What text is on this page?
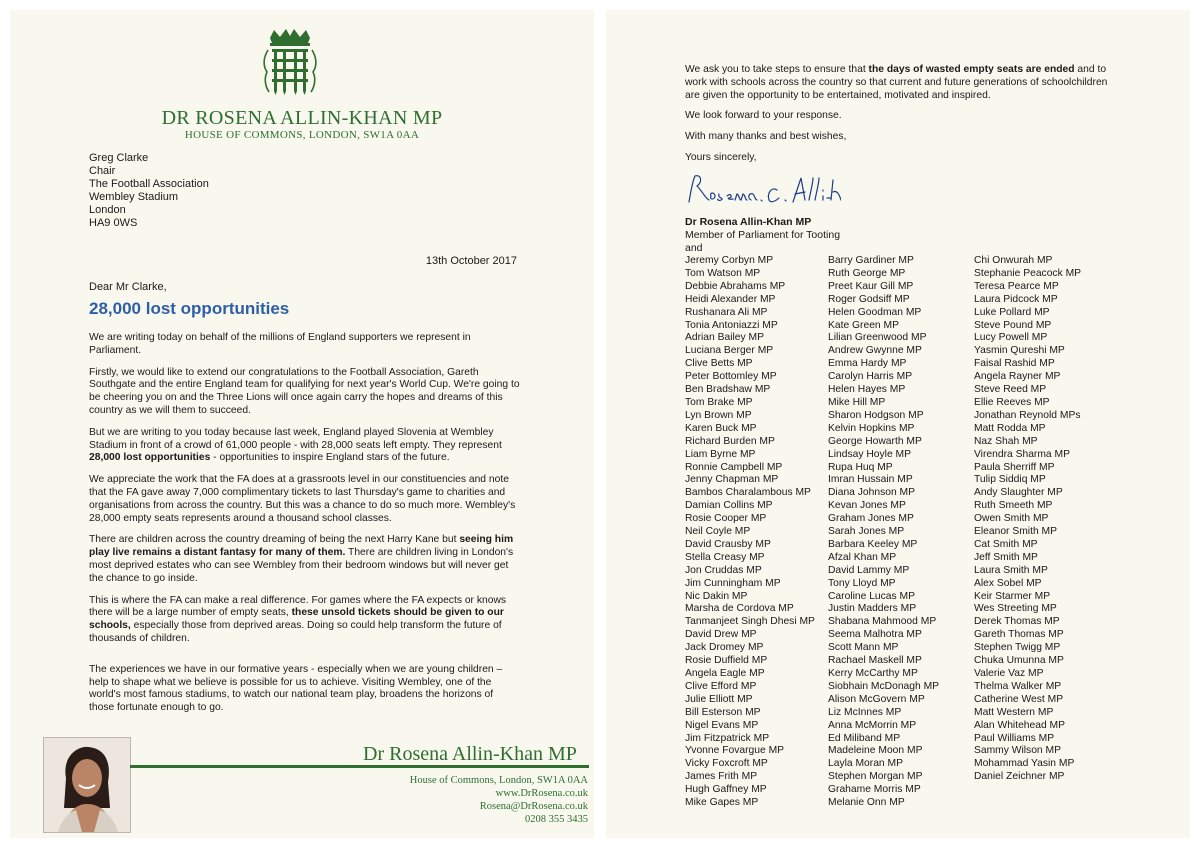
DR ROSENA ALLIN-KHAN MP
HOUSE OF COMMONS, LONDON, SW1A 0AA
Greg Clarke
Chair
The Football Association
Wembley Stadium
London
HA9 0WS
13th October 2017
Dear Mr Clarke,
28,000 lost opportunities

We are writing today on behalf of the millions of England supporters we represent in Parliament.

Firstly, we would like to extend our congratulations to the Football Association, Gareth Southgate and the entire England team for qualifying for next year's World Cup. We're going to be cheering you on and the Three Lions will once again carry the hopes and dreams of this country as we will them to succeed.

But we are writing to you today because last week, England played Slovenia at Wembley Stadium in front of a crowd of 61,000 people - with 28,000 seats left empty. They represent 28,000 lost opportunities - opportunities to inspire England stars of the future.

We appreciate the work that the FA does at a grassroots level in our constituencies and note that the FA gave away 7,000 complimentary tickets to last Thursday's game to charities and organisations from across the country. But this was a chance to do so much more. Wembley's 28,000 empty seats represents around a thousand school classes.

There are children across the country dreaming of being the next Harry Kane but seeing him play live remains a distant fantasy for many of them. There are children living in London's most deprived estates who can see Wembley from their bedroom windows but will never get the chance to go inside.

This is where the FA can make a real difference. For games where the FA expects or knows there will be a large number of empty seats, these unsold tickets should be given to our schools, especially those from deprived areas. Doing so could help transform the future of thousands of children.

The experiences we have in our formative years - especially when we are young children – help to shape what we believe is possible for us to achieve. Visiting Wembley, one of the world's most famous stadiums, to watch our national team play, broadens the horizons of those fortunate enough to go.

Dr Rosena Allin-Khan MP
House of Commons, London, SW1A 0AA
www.DrRosena.co.uk
Rosena@DrRosena.co.uk
0208 355 3435

We ask you to take steps to ensure that the days of wasted empty seats are ended and to work with schools across the country so that current and future generations of schoolchildren are given the opportunity to be entertained, motivated and inspired.

We look forward to your response.

With many thanks and best wishes,

Yours sincerely,

Dr Rosena Allin-Khan MP
Member of Parliament for Tooting
and
Jeremy Corbyn MP
Tom Watson MP
Debbie Abrahams MP
Heidi Alexander MP
Rushanara Ali MP
Tonia Antoniazzi MP
Adrian Bailey MP
Luciana Berger MP
Clive Betts MP
Peter Bottomley MP
Ben Bradshaw MP
Tom Brake MP
Lyn Brown MP
Karen Buck MP
Richard Burden MP
Liam Byrne MP
Ronnie Campbell MP
Jenny Chapman MP
Bambos Charalambous MP
Damian Collins MP
Rosie Cooper MP
Neil Coyle MP
David Crausby MP
Stella Creasy MP
Jon Cruddas MP
Jim Cunningham MP
Nic Dakin MP
Marsha de Cordova MP
Tanmanjeet Singh Dhesi MP
David Drew MP
Jack Dromey MP
Rosie Duffield MP
Angela Eagle MP
Clive Efford MP
Julie Elliott MP
Bill Esterson MP
Nigel Evans MP
Jim Fitzpatrick MP
Yvonne Fovargue MP
Vicky Foxcroft MP
James Frith MP
Hugh Gaffney MP
Mike Gapes MP
Barry Gardiner MP
Ruth George MP
Preet Kaur Gill MP
Roger Godsiff MP
Helen Goodman MP
Kate Green MP
Lilian Greenwood MP
Andrew Gwynne MP
Emma Hardy MP
Carolyn Harris MP
Helen Hayes MP
Mike Hill MP
Sharon Hodgson MP
Kelvin Hopkins MP
George Howarth MP
Lindsay Hoyle MP
Rupa Huq MP
Imran Hussain MP
Diana Johnson MP
Kevan Jones MP
Graham Jones MP
Sarah Jones MP
Barbara Keeley MP
Afzal Khan MP
David Lammy MP
Tony Lloyd MP
Caroline Lucas MP
Justin Madders MP
Shabana Mahmood MP
Seema Malhotra MP
Scott Mann MP
Rachael Maskell MP
Kerry McCarthy MP
Siobhain McDonagh MP
Alison McGovern MP
Liz McInnes MP
Anna McMorrin MP
Ed Miliband MP
Madeleine Moon MP
Layla Moran MP
Stephen Morgan MP
Grahame Morris MP
Melanie Onn MP
Chi Onwurah MP
Stephanie Peacock MP
Teresa Pearce MP
Laura Pidcock MP
Luke Pollard MP
Steve Pound MP
Lucy Powell MP
Yasmin Qureshi MP
Faisal Rashid MP
Angela Rayner MP
Steve Reed MP
Ellie Reeves MP
Jonathan Reynold MPs
Matt Rodda MP
Naz Shah MP
Virendra Sharma MP
Paula Sherriff MP
Tulip Siddiq MP
Andy Slaughter MP
Ruth Smeeth MP
Owen Smith MP
Eleanor Smith MP
Cat Smith MP
Jeff Smith MP
Laura Smith MP
Alex Sobel MP
Keir Starmer MP
Wes Streeting MP
Derek Thomas MP
Gareth Thomas MP
Stephen Twigg MP
Chuka Umunna MP
Valerie Vaz MP
Thelma Walker MP
Catherine West MP
Matt Western MP
Alan Whitehead MP
Paul Williams MP
Sammy Wilson MP
Mohammad Yasin MP
Daniel Zeichner MP
